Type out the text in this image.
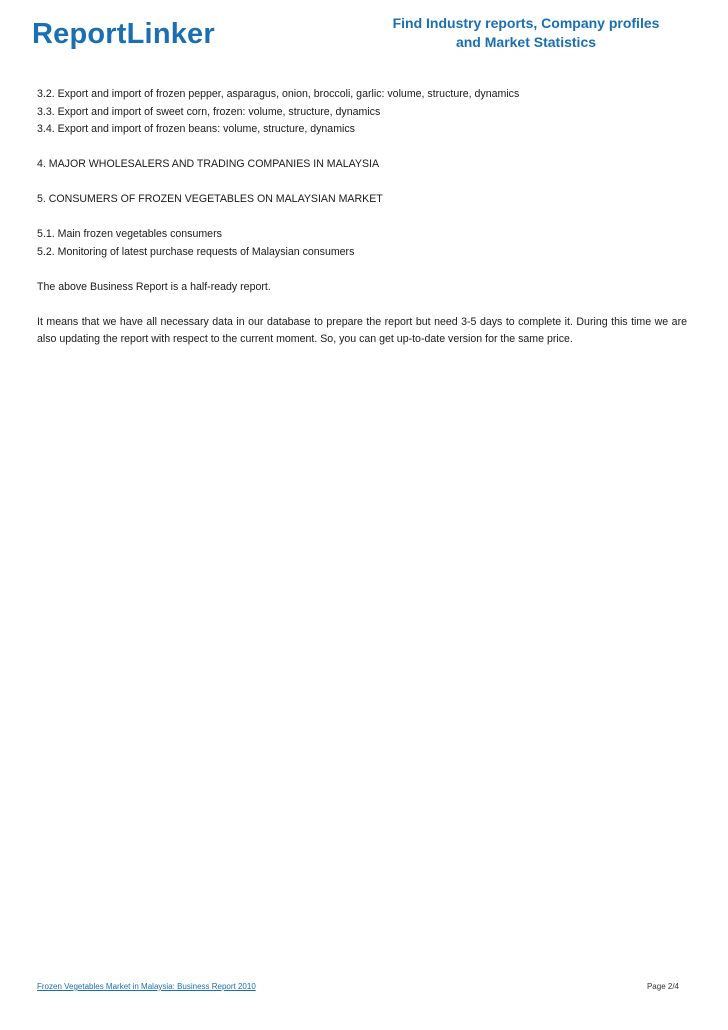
ReportLinker	Find Industry reports, Company profiles
and Market Statistics

3.2. Export and import of frozen pepper, asparagus, onion, broccoli, garlic: volume, structure, dynamics

3.3. Export and import of sweet corn, frozen: volume, structure, dynamics

3.4. Export and import of frozen beans: volume, structure, dynamics

4. MAJOR WHOLESALERS AND TRADING COMPANIES IN MALAYSIA

5. CONSUMERS OF FROZEN VEGETABLES ON MALAYSIAN MARKET

5.1. Main frozen vegetables consumers

5.2. Monitoring of latest purchase requests of Malaysian consumers

The above Business Report is a half-ready report.

It means that we have all necessary data in our database to prepare the report but need 3-5 days to complete it. During this time we are also updating the report with respect to the current moment. So, you can get up-to-date version for the same price.

Frozen Vegetables Market in Malaysia: Business Report 2010	Page 2/4
